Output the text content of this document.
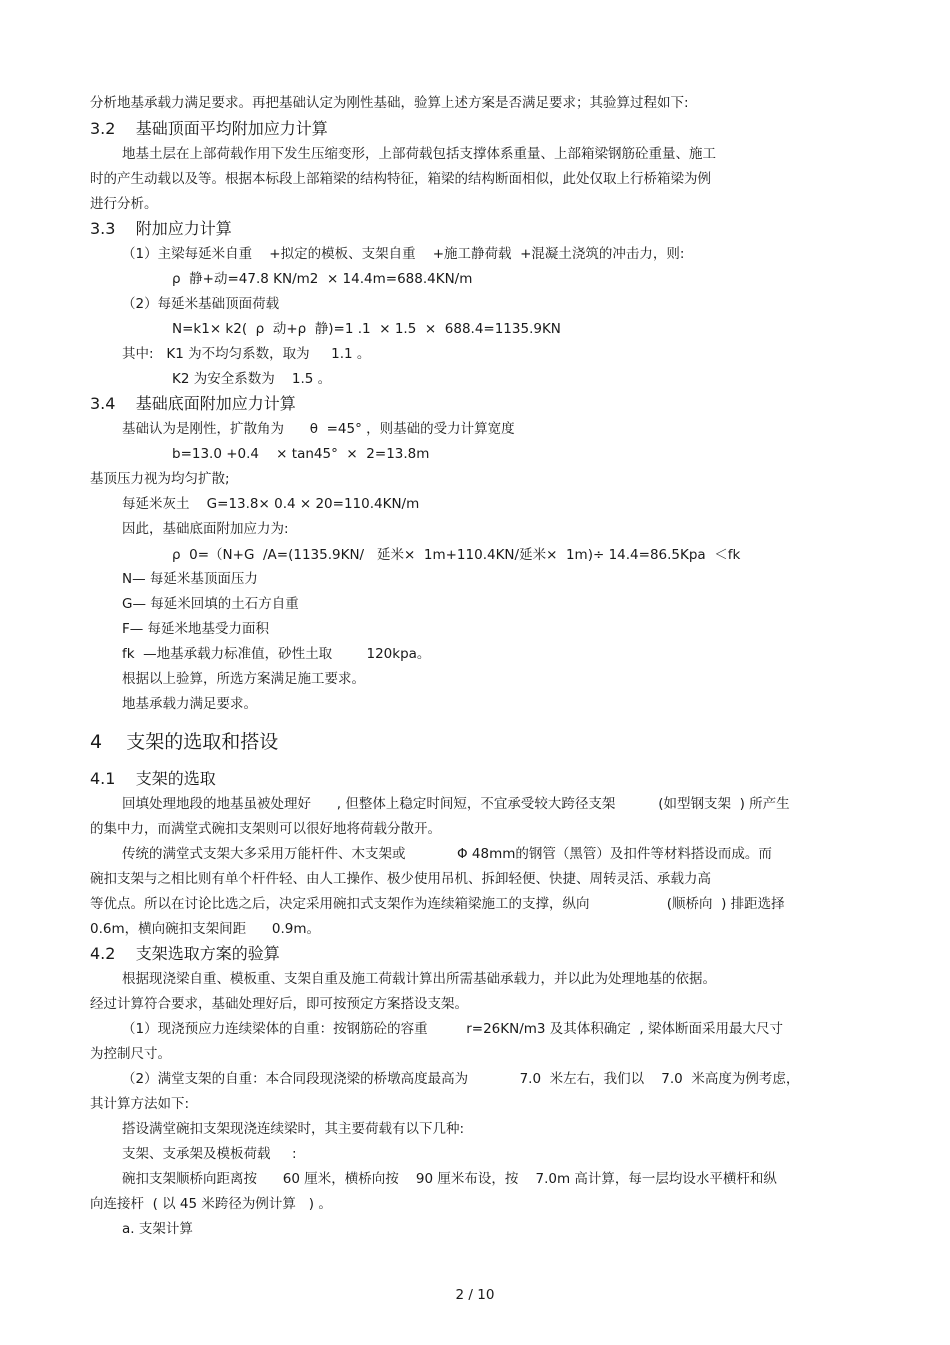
分析地基承载力满足要求。再把基础认定为刚性基础，验算上述方案是否满足要求；其验算过程如下:
3.2    基础顶面平均附加应力计算
地基土层在上部荷载作用下发生压缩变形，上部荷载包括支撑体系重量、上部箱梁钢筋砼重量、施工
时的产生动载以及等。根据本标段上部箱梁的结构特征，箱梁的结构断面相似，此处仅取上行桥箱梁为例
进行分析。
3.3    附加应力计算
（1）主梁每延米自重    +拟定的模板、支架自重    +施工静荷载  +混凝土浇筑的冲击力，则:
ρ  静+动=47.8 KN/m2  × 14.4m=688.4KN/m
（2）每延米基础顶面荷载
N=k1× k2(  ρ  动+ρ  静)=1 .1  × 1.5  ×  688.4=1135.9KN
其中:   K1 为不均匀系数，取为     1.1 。
K2 为安全系数为    1.5 。
3.4    基础底面附加应力计算
基础认为是刚性，扩散角为      θ  =45° ，则基础的受力计算宽度
b=13.0 +0.4    × tan45°  ×  2=13.8m
基顶压力视为均匀扩散;
每延米灰土    G=13.8× 0.4 × 20=110.4KN/m
因此，基础底面附加应力为:
ρ  0=（N+G  /A=(1135.9KN/   延米×  1m+110.4KN/延米×  1m)÷ 14.4=86.5Kpa  ＜fk
N— 每延米基顶面压力
G— 每延米回填的土石方自重
F— 每延米地基受力面积
fk  —地基承载力标准值，砂性土取        120kpa。
根据以上验算，所选方案满足施工要求。
地基承载力满足要求。
4    支架的选取和搭设
4.1    支架的选取
回填处理地段的地基虽被处理好      , 但整体上稳定时间短，不宜承受较大跨径支架          (如型钢支架  ) 所产生
的集中力，而满堂式碗扣支架则可以很好地将荷载分散开。
传统的满堂式支架大多采用万能杆件、木支架或            Φ 48mm的钢管（黑管）及扣件等材料搭设而成。而
碗扣支架与之相比则有单个杆件轻、由人工操作、极少使用吊机、拆卸轻便、快捷、周转灵活、承载力高
等优点。所以在讨论比选之后，决定采用碗扣式支架作为连续箱梁施工的支撑，纵向                  (顺桥向  ) 排距选择
0.6m，横向碗扣支架间距      0.9m。
4.2    支架选取方案的验算
根据现浇梁自重、模板重、支架自重及施工荷载计算出所需基础承载力，并以此为处理地基的依据。
经过计算符合要求，基础处理好后，即可按预定方案搭设支架。
（1）现浇预应力连续梁体的自重：按钢筋砼的容重         r=26KN/m3 及其体积确定  , 梁体断面采用最大尺寸
为控制尺寸。
（2）满堂支架的自重：本合同段现浇梁的桥墩高度最高为            7.0  米左右，我们以    7.0  米高度为例考虑，
其计算方法如下:
搭设满堂碗扣支架现浇连续梁时，其主要荷载有以下几种:
支架、支承架及模板荷载     :
碗扣支架顺桥向距离按      60 厘米，横桥向按    90 厘米布设，按    7.0m 高计算，每一层均设水平横杆和纵
向连接杆  ( 以 45 米跨径为例计算   ) 。
a. 支架计算
2 / 10
